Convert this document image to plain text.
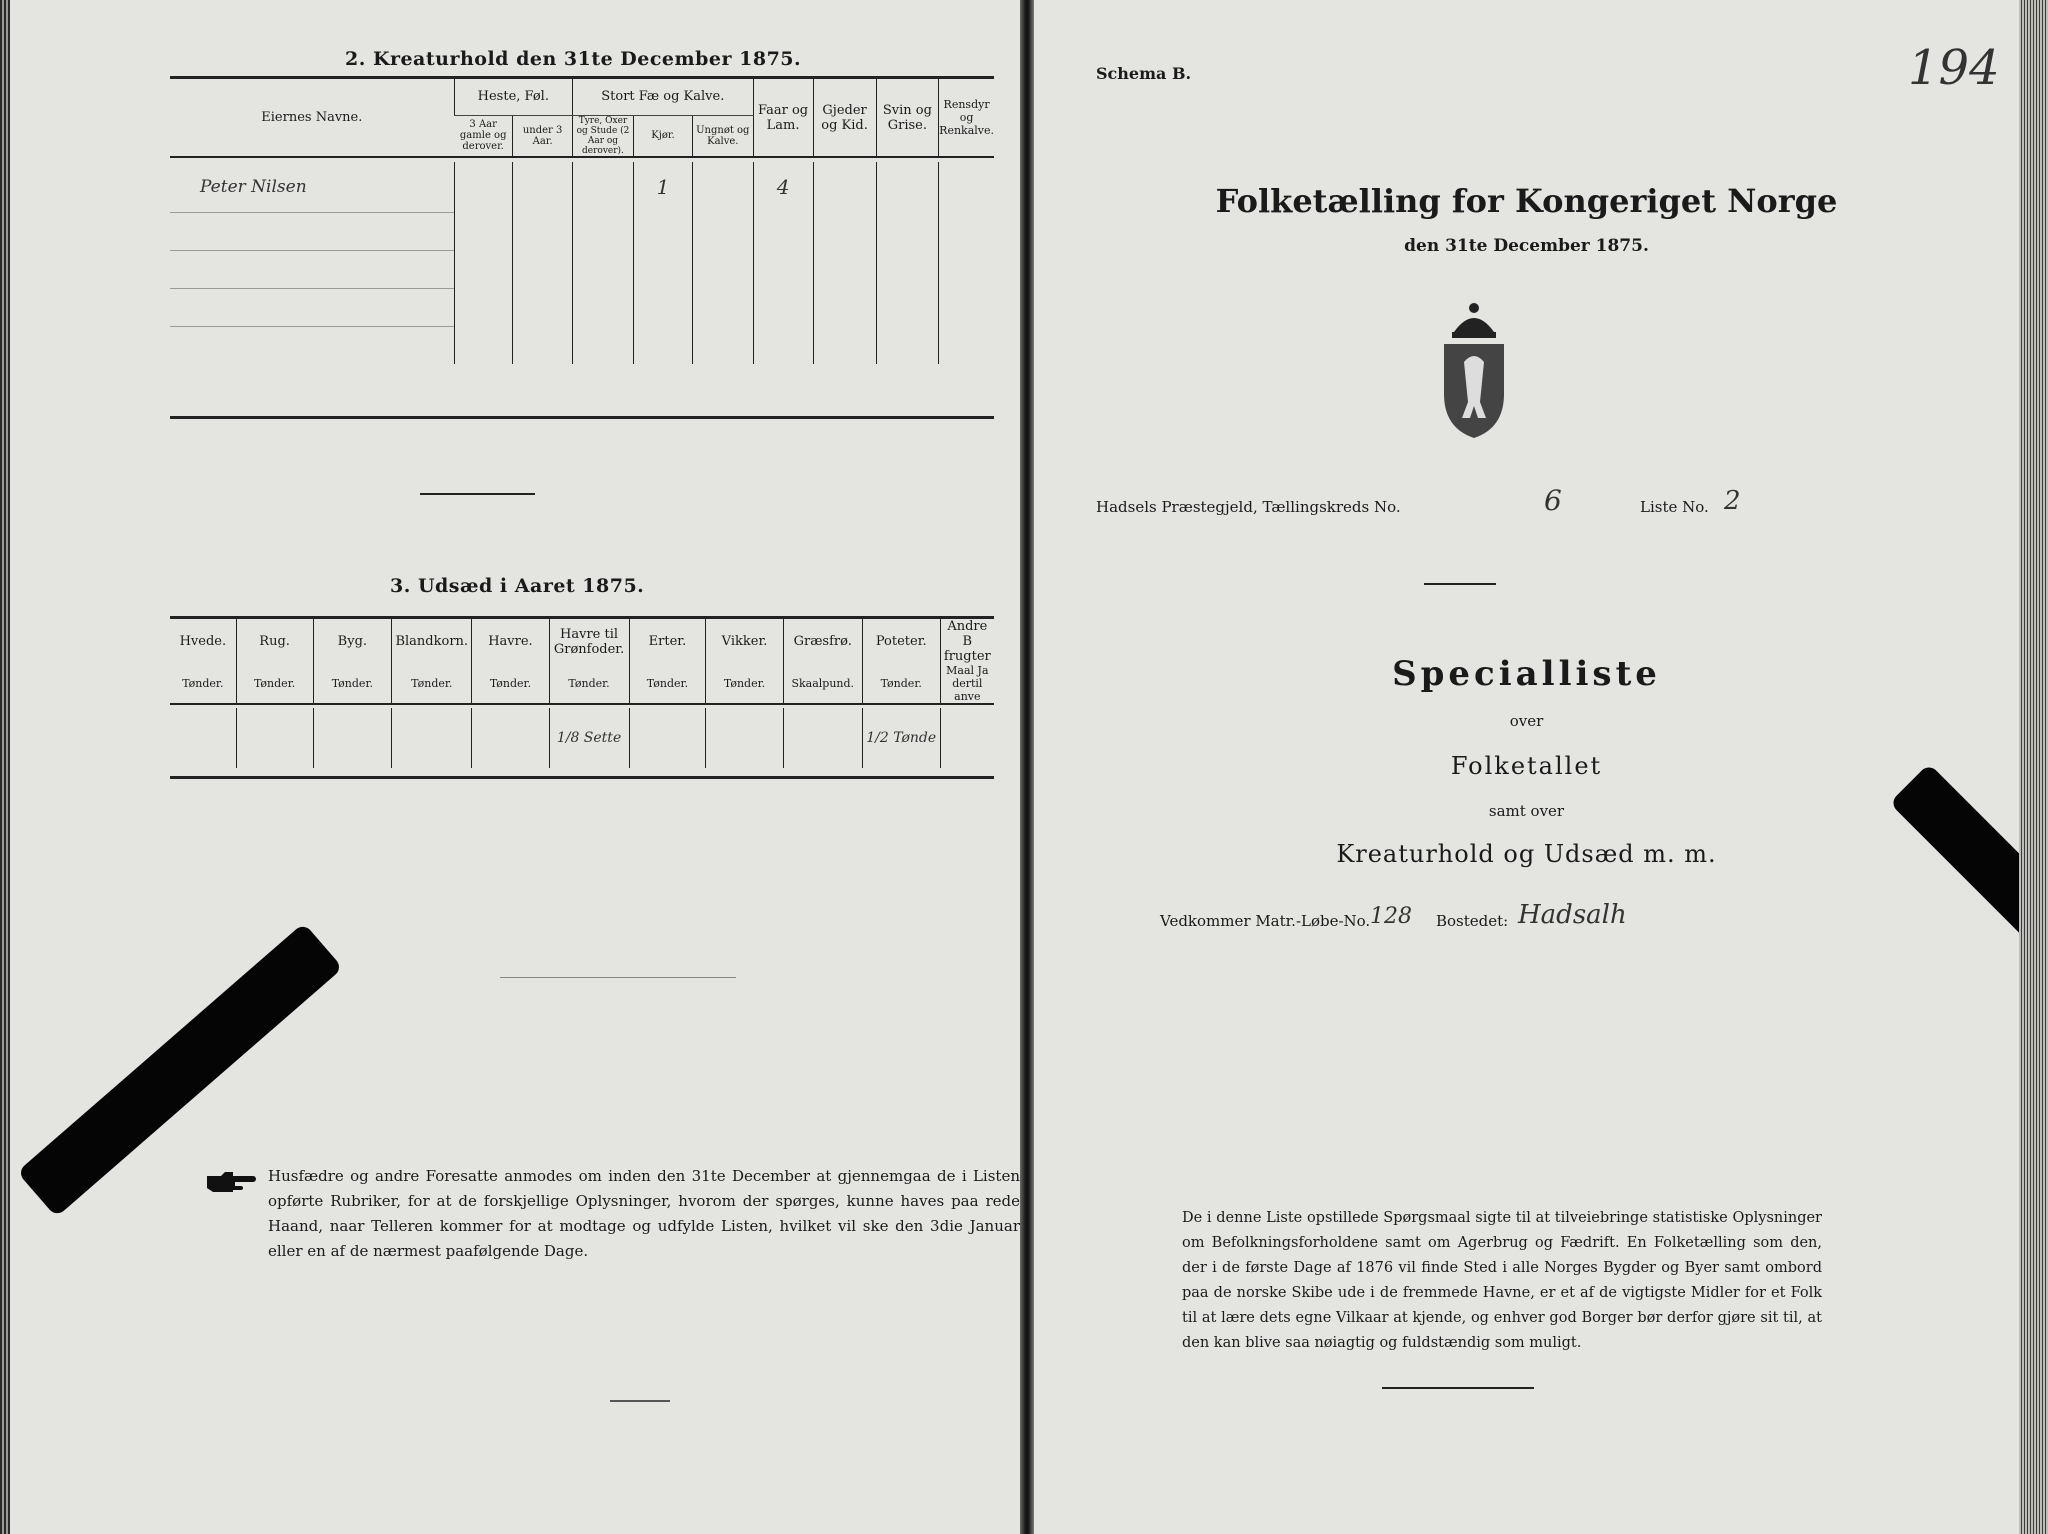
2. Kreaturhold den 31te December 1875.
Eiernes Navne.	Heste, Føl.		Stort Fæ og Kalve.			Faar og Lam.	Gjeder og Kid.	Svin og Grise.	Rensdyr og Renkalve.
	3 Aar gamle og derover.	under 3 Aar.	Tyre, Oxer og Stude (2 Aar og derover).	Kjør.	Ungnøt og Kalve.				

Peter Nilsen				1		4			

3. Udsæd i Aaret 1875.
Hvede.	Rug.	Byg.	Blandkorn.	Havre.	Havre til Grønfoder.	Erter.	Vikker.	Græsfrø.	Poteter.	Andre B frugter
Tønder.	Tønder.	Tønder.	Tønder.	Tønder.	Tønder.	Tønder.	Tønder.	Skaalpund.	Tønder.	Maal Ja dertil anve

					1/8 Sette				1/2 Tønde	
Husfædre og andre Foresatte anmodes om inden den 31te December at gjennemgaa de i Listen opførte Rubriker, for at de forskjellige Oplysninger, hvorom der spørges, kunne haves paa rede Haand, naar Telleren kommer for at modtage og udfylde Listen, hvilket vil ske den 3die Januar eller en af de nærmest paafølgende Dage.
Schema B.	194
Folketælling for Kongeriget Norge
den 31te December 1875.
Hadsels Præstegjeld, Tællingskreds No.	6	Liste No. 2
Specialliste
over
Folketallet
samt over
Kreaturhold og Udsæd m. m.
Vedkommer Matr.-Løbe-No. 128 Bostedet: Hadsalh
De i denne Liste opstillede Spørgsmaal sigte til at tilveiebringe statistiske Oplysninger om Befolkningsforholdene samt om Agerbrug og Fædrift. En Folketælling som den, der i de første Dage af 1876 vil finde Sted i alle Norges Bygder og Byer samt ombord paa de norske Skibe ude i de fremmede Havne, er et af de vigtigste Midler for et Folk til at lære dets egne Vilkaar at kjende, og enhver god Borger bør derfor gjøre sit til, at den kan blive saa nøiagtig og fuldstændig som muligt.
